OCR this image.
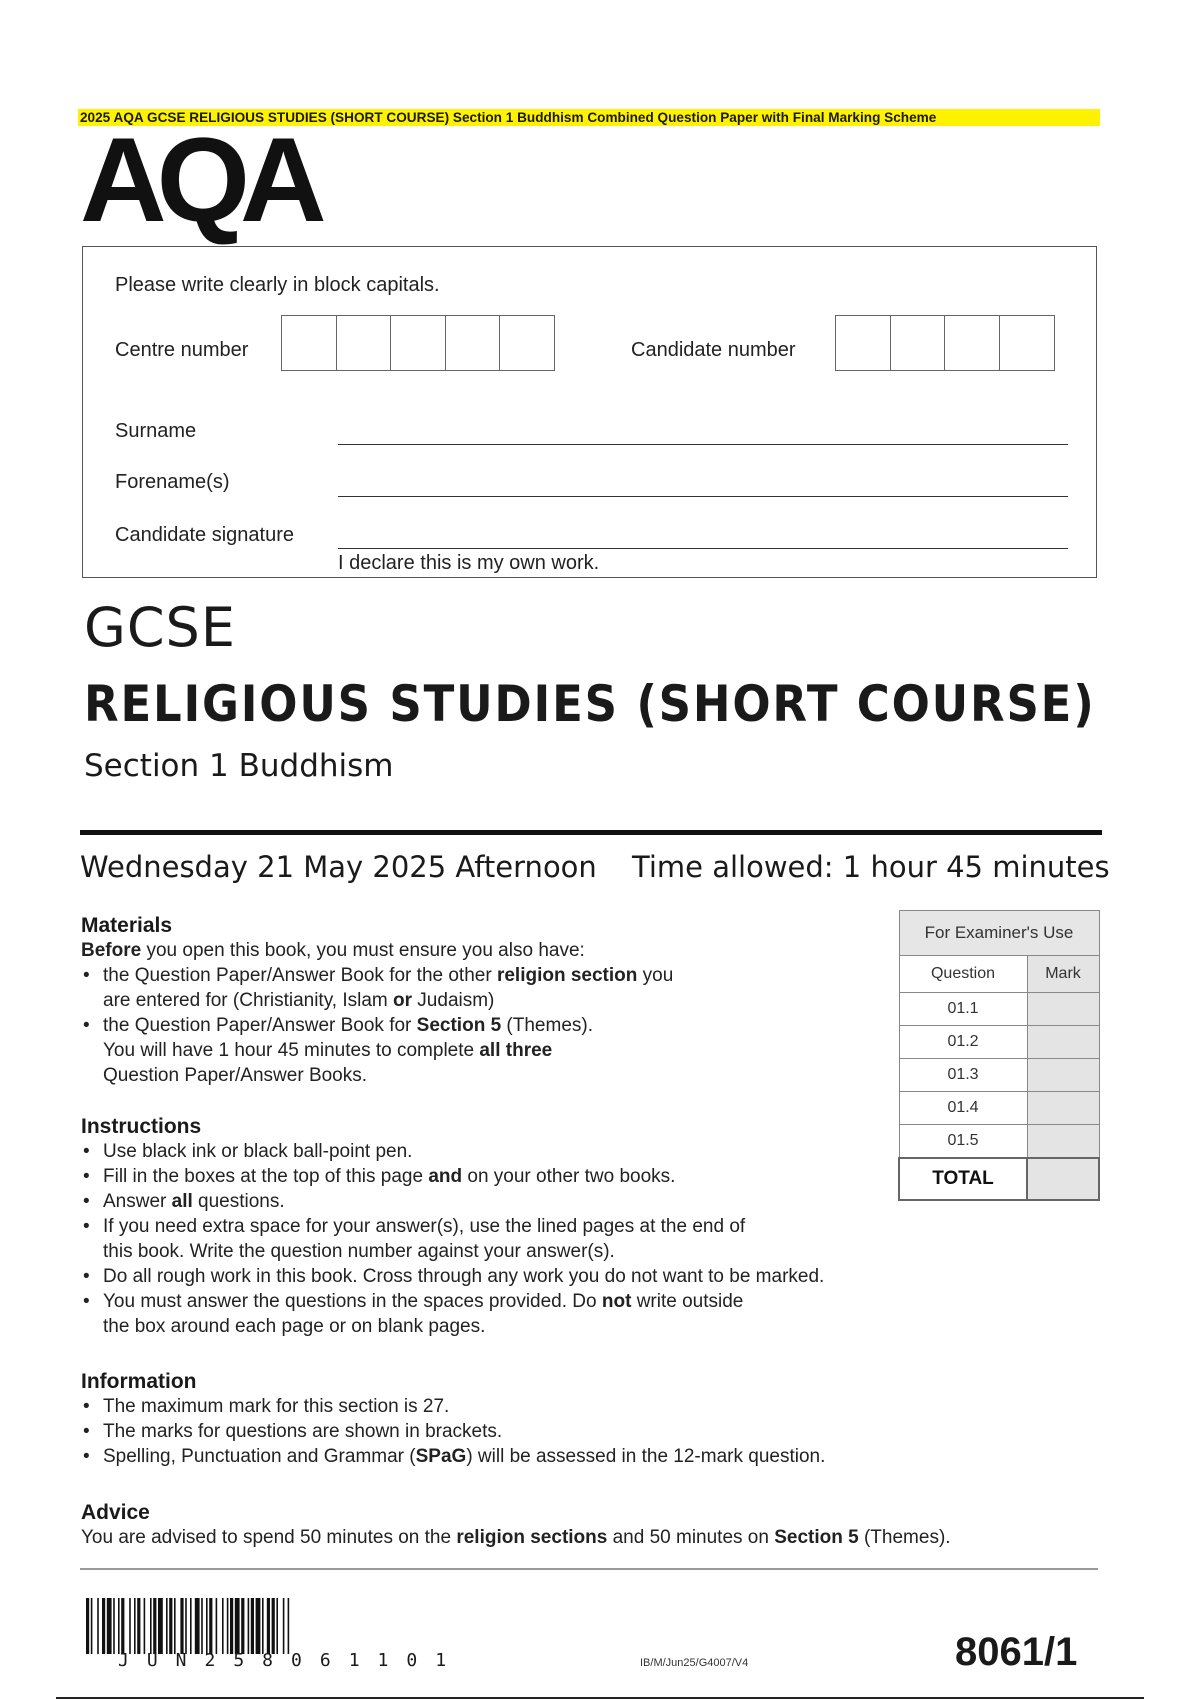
2025 AQA GCSE RELIGIOUS STUDIES (SHORT COURSE) Section 1 Buddhism Combined Question Paper with Final Marking Scheme
AQA
Please write clearly in block capitals.
Centre number	Candidate number
Surname
Forename(s)
Candidate signature
I declare this is my own work.
GCSE
RELIGIOUS STUDIES (SHORT COURSE)
Section 1 Buddhism
Wednesday 21 May 2025 Afternoon Time allowed: 1 hour 45 minutes
Materials
Before you open this book, you must ensure you also have:
• the Question Paper/Answer Book for the other religion section you
are entered for (Christianity, Islam or Judaism)
• the Question Paper/Answer Book for Section 5 (Themes).
You will have 1 hour 45 minutes to complete all three
Question Paper/Answer Books.
Instructions
• Use black ink or black ball-point pen.
• Fill in the boxes at the top of this page and on your other two books.
• Answer all questions.
• If you need extra space for your answer(s), use the lined pages at the end of
this book. Write the question number against your answer(s).
• Do all rough work in this book. Cross through any work you do not want to be marked.
• You must answer the questions in the spaces provided. Do not write outside
the box around each page or on blank pages.
Information
• The maximum mark for this section is 27.
• The marks for questions are shown in brackets.
• Spelling, Punctuation and Grammar (SPaG) will be assessed in the 12-mark question.
Advice
You are advised to spend 50 minutes on the religion sections and 50 minutes on Section 5 (Themes).
For Examiner's Use	
Question	Mark
01.1	
01.2	
01.3	
01.4	
01.5	
TOTAL	
JUN258061101	IB/M/Jun25/G4007/V4	8061/1
